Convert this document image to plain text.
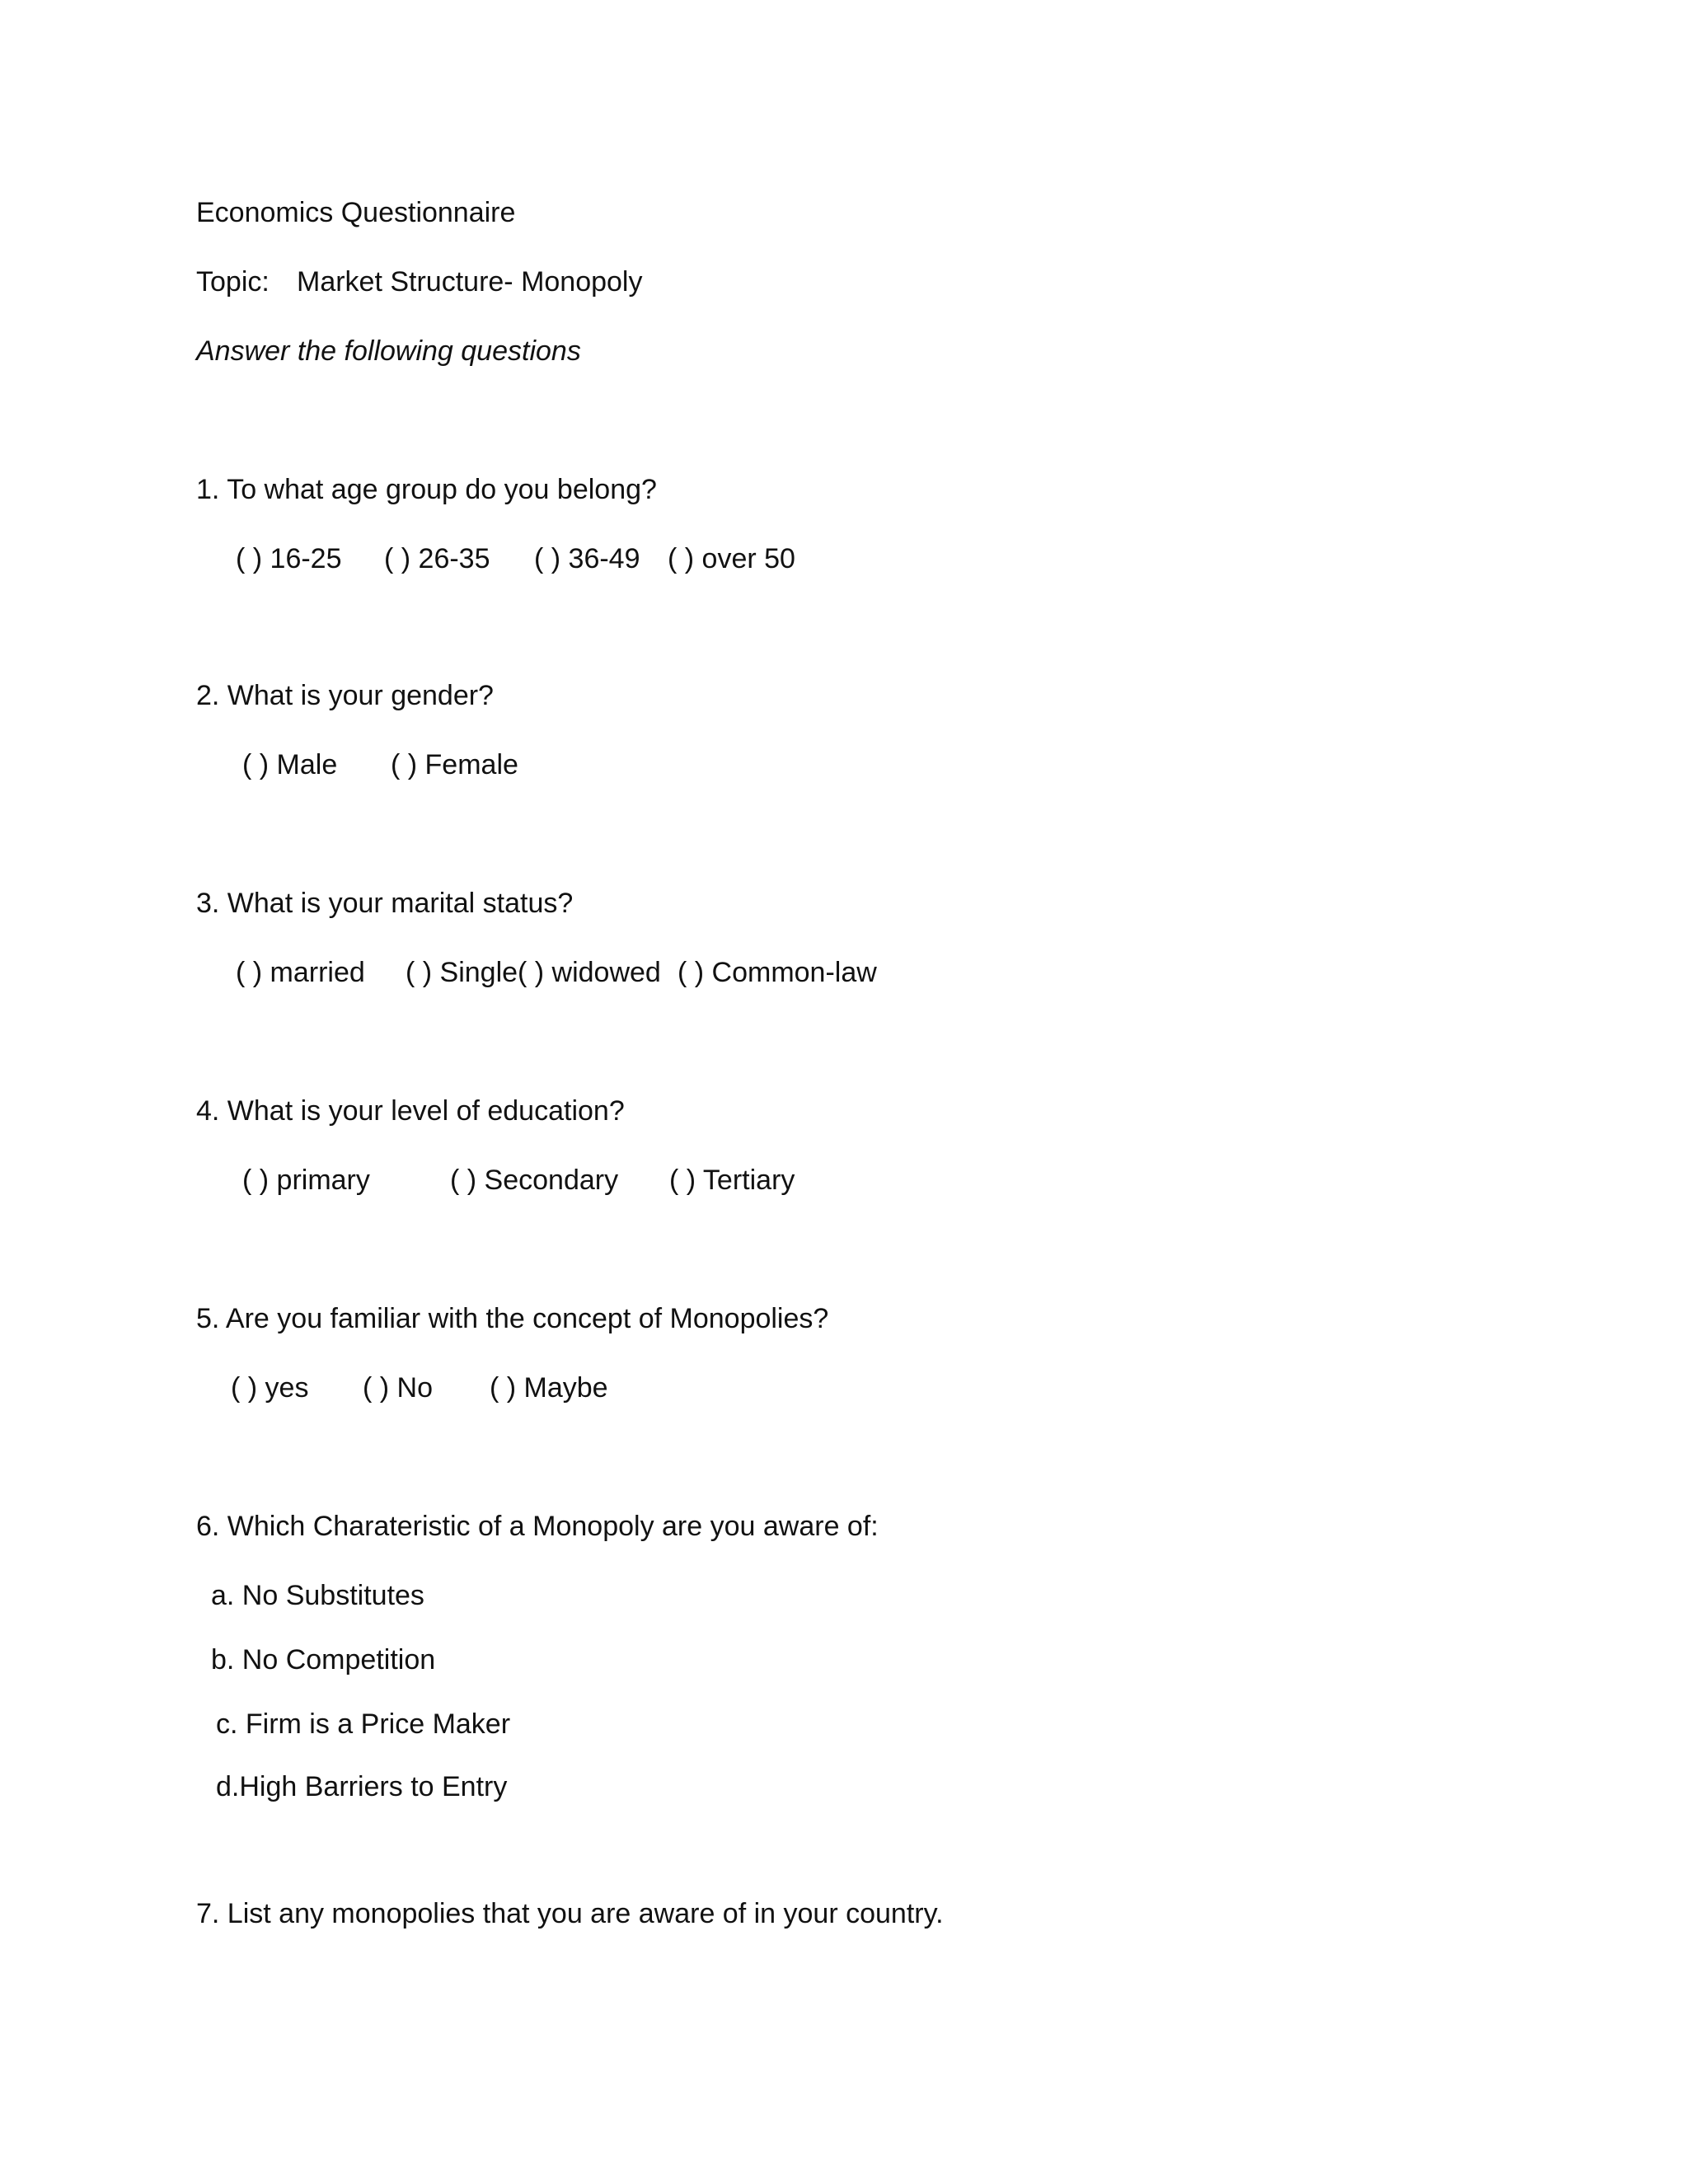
Economics Questionnaire
Topic: Market Structure- Monopoly
Answer the following questions
1. To what age group do you belong?
( ) 16-25 ( ) 26-35 ( ) 36-49 ( ) over 50
2. What is your gender?
( ) Male ( ) Female
3. What is your marital status?
( ) married ( ) Single ( ) widowed ( ) Common-law
4. What is your level of education?
( ) primary	( ) Secondary ( ) Tertiary
5. Are you familiar with the concept of Monopolies?
( ) yes ( ) No ( ) Maybe
6. Which Charateristic of a Monopoly are you aware of:
a. No Substitutes
b. No Competition
c. Firm is a Price Maker
d.High Barriers to Entry
7. List any monopolies that you are aware of in your country.
